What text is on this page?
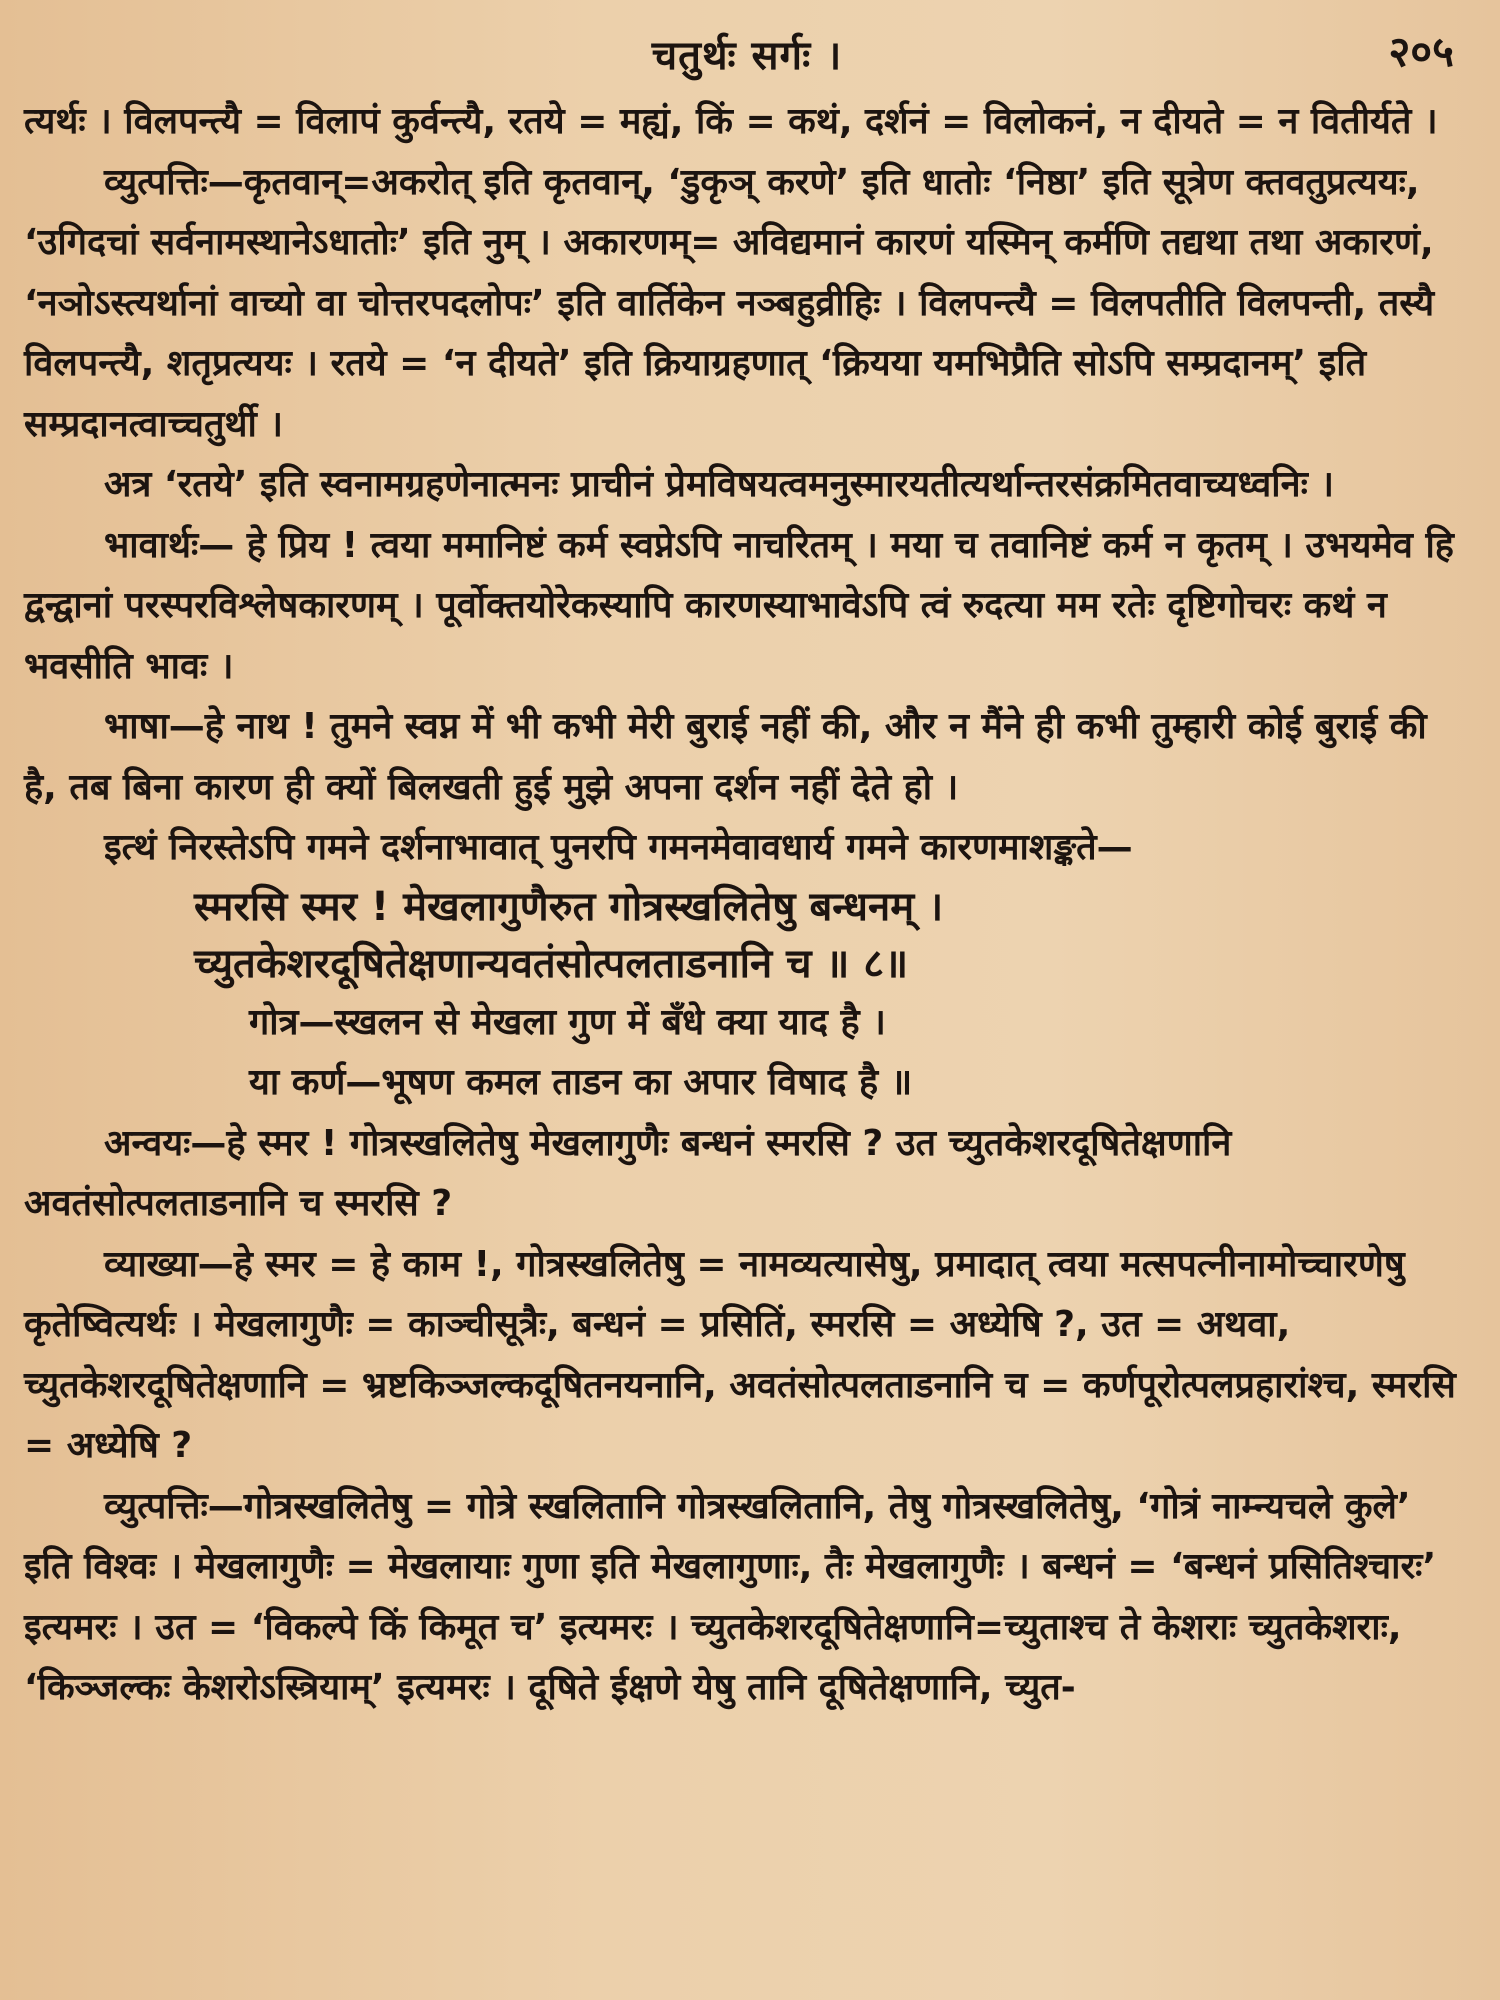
चतुर्थः सर्गः ।	२०५

त्यर्थः । विलपन्त्यै = विलापं कुर्वन्त्यै, रतये = मह्यं, किं = कथं, दर्शनं = विलोकनं, न दीयते = न वितीर्यते ।

व्युत्पत्तिः—कृतवान्=अकरोत् इति कृतवान्, ‘डुकृञ् करणे’ इति धातोः ‘निष्ठा’ इति सूत्रेण क्तवतुप्रत्ययः, ‘उगिदचां सर्वनामस्थानेऽधातोः’ इति नुम् । अकारणम्= अविद्यमानं कारणं यस्मिन् कर्मणि तद्यथा तथा अकारणं, ‘नञोऽस्त्यर्थानां वाच्यो वा चोत्तरपदलोपः’ इति वार्तिकेन नञ्बहुव्रीहिः । विलपन्त्यै = विलपतीति विलपन्ती, तस्यै विलपन्त्यै, शतृप्रत्ययः । रतये = ‘न दीयते’ इति क्रियाग्रहणात् ‘क्रियया यमभिप्रैति सोऽपि सम्प्रदानम्’ इति सम्प्रदानत्वाच्चतुर्थी ।

अत्र ‘रतये’ इति स्वनामग्रहणेनात्मनः प्राचीनं प्रेमविषयत्वमनुस्मारयतीत्यर्थान्तरसंक्रमितवाच्यध्वनिः ।

भावार्थः— हे प्रिय ! त्वया ममानिष्टं कर्म स्वप्नेऽपि नाचरितम् । मया च तवानिष्टं कर्म न कृतम् । उभयमेव हि द्वन्द्वानां परस्परविश्लेषकारणम् । पूर्वोक्तयोरेकस्यापि कारणस्याभावेऽपि त्वं रुदत्या मम रतेः दृष्टिगोचरः कथं न भवसीति भावः ।

भाषा—हे नाथ ! तुमने स्वप्न में भी कभी मेरी बुराई नहीं की, और न मैंने ही कभी तुम्हारी कोई बुराई की है, तब बिना कारण ही क्यों बिलखती हुई मुझे अपना दर्शन नहीं देते हो ।

इत्थं निरस्तेऽपि गमने दर्शनाभावात् पुनरपि गमनमेवावधार्य गमने कारणमाशङ्कते—

स्मरसि स्मर ! मेखलागुणैरुत गोत्रस्खलितेषु बन्धनम् ।

च्युतकेशरदूषितेक्षणान्यवतंसोत्पलताडनानि च ॥ ८॥

गोत्र—स्खलन से मेखला गुण में बँधे क्या याद है ।

या कर्ण—भूषण कमल ताडन का अपार विषाद है ॥

अन्वयः—हे स्मर ! गोत्रस्खलितेषु मेखलागुणैः बन्धनं स्मरसि ? उत च्युतकेशरदूषितेक्षणानि अवतंसोत्पलताडनानि च स्मरसि ?

व्याख्या—हे स्मर = हे काम !, गोत्रस्खलितेषु = नामव्यत्यासेषु, प्रमादात् त्वया मत्सपत्नीनामोच्चारणेषु कृतेष्वित्यर्थः । मेखलागुणैः = काञ्चीसूत्रैः, बन्धनं = प्रसितिं, स्मरसि = अध्येषि ?, उत = अथवा, च्युतकेशरदूषितेक्षणानि = भ्रष्टकिञ्जल्कदूषितनयनानि, अवतंसोत्पलताडनानि च = कर्णपूरोत्पलप्रहारांश्च, स्मरसि = अध्येषि ?

व्युत्पत्तिः—गोत्रस्खलितेषु = गोत्रे स्खलितानि गोत्रस्खलितानि, तेषु गोत्रस्खलितेषु, ‘गोत्रं नाम्न्यचले कुले’ इति विश्वः । मेखलागुणैः = मेखलायाः गुणा इति मेखलागुणाः, तैः मेखलागुणैः । बन्धनं = ‘बन्धनं प्रसितिश्चारः’ इत्यमरः । उत = ‘विकल्पे किं किमूत च’ इत्यमरः । च्युतकेशरदूषितेक्षणानि=च्युताश्च ते केशराः च्युतकेशराः, ‘किञ्जल्कः केशरोऽस्त्रियाम्’ इत्यमरः । दूषिते ईक्षणे येषु तानि दूषितेक्षणानि, च्युत-
